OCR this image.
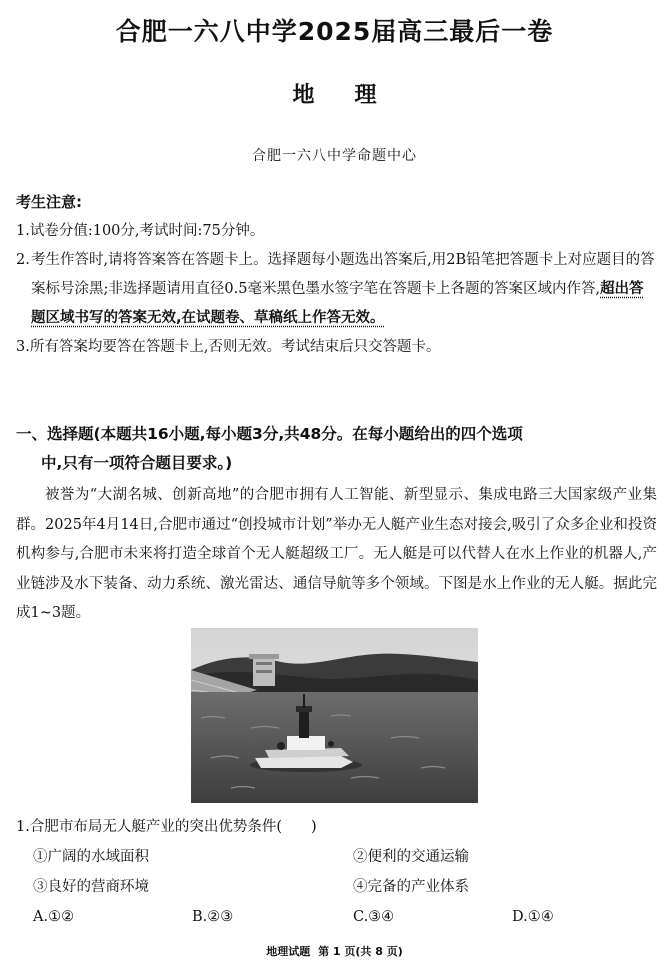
合肥一六八中学2025届高三最后一卷
地理
合肥一六八中学命题中心
考生注意:
1.试卷分值:100分,考试时间:75分钟。
2. 考生作答时,请将答案答在答题卡上。选择题每小题选出答案后,用2B铅笔把答题卡上对应题目的答案标号涂黑;非选择题请用直径0.5毫米黑色墨水签字笔在答题卡上各题的答案区域内作答,超出答题区域书写的答案无效,在试题卷、草稿纸上作答无效。
3.所有答案均要答在答题卡上,否则无效。考试结束后只交答题卡。
一、选择题(本题共16小题,每小题3分,共48分。在每小题给出的四个选项
中,只有一项符合题目要求。)
被誉为“大湖名城、创新高地”的合肥市拥有人工智能、新型显示、集成电路三大国家级产业集群。2025年4月14日,合肥市通过“创投城市计划”举办无人艇产业生态对接会,吸引了众多企业和投资机构参与,合肥市未来将打造全球首个无人艇超级工厂。无人艇是可以代替人在水上作业的机器人,产业链涉及水下装备、动力系统、激光雷达、通信导航等多个领域。下图是水上作业的无人艇。据此完成1~3题。
1.合肥市布局无人艇产业的突出优势条件(　　)
①广阔的水域面积	②便利的交通运输
③良好的营商环境	④完备的产业体系
A.①②	B.②③	C.③④	D.①④
地理试题 第 1 页(共 8 页)
